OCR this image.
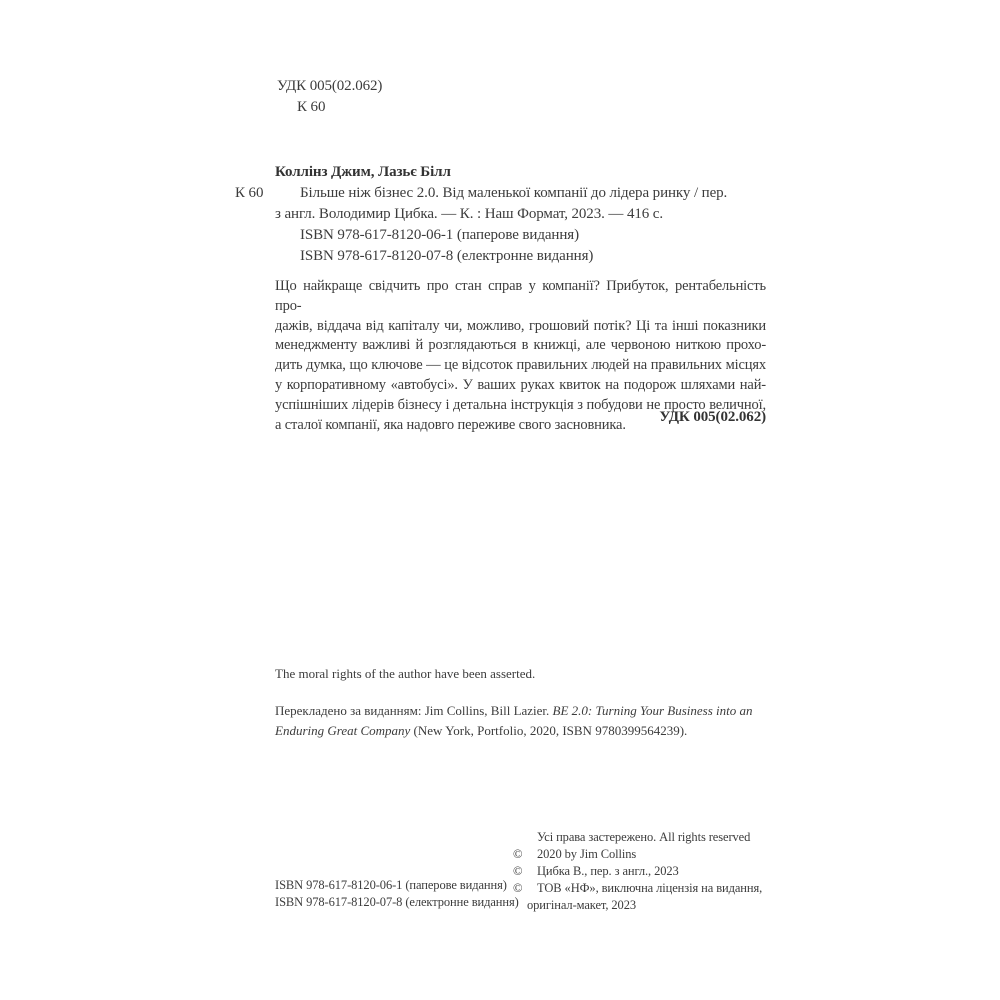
УДК 005(02.062)
К 60
Коллінз Джим, Лазьє Білл
К 60	Більше ніж бізнес 2.0. Від маленької компанії до лідера ринку / пер.
з англ. Володимир Цибка. — К. : Наш Формат, 2023. — 416 с.
ISBN 978-617-8120-06-1 (паперове видання)
ISBN 978-617-8120-07-8 (електронне видання)
Що найкраще свідчить про стан справ у компанії? Прибуток, рентабельність про-
дажів, віддача від капіталу чи, можливо, грошовий потік? Ці та інші показники
менеджменту важливі й розглядаються в книжці, але червоною ниткою прохо-
дить думка, що ключове — це відсоток правильних людей на правильних місцях
у корпоративному «автобусі». У ваших руках квиток на подорож шляхами най-
успішніших лідерів бізнесу і детальна інструкція з побудови не просто величної,
а сталої компанії, яка надовго переживе свого засновника.	УДК 005(02.062)
The moral rights of the author have been asserted.
Перекладено за виданням: Jim Collins, Bill Lazier. BE 2.0: Turning Your Business into an
Enduring Great Company (New York, Portfolio, 2020, ISBN 9780399564239).
Усі права застережено. All rights reserved
© 2020 by Jim Collins
© Цибка В., пер. з англ., 2023
© ТОВ «НФ», виключна ліцензія на видання,
оригінал-макет, 2023
ISBN 978-617-8120-06-1 (паперове видання)
ISBN 978-617-8120-07-8 (електронне видання)
